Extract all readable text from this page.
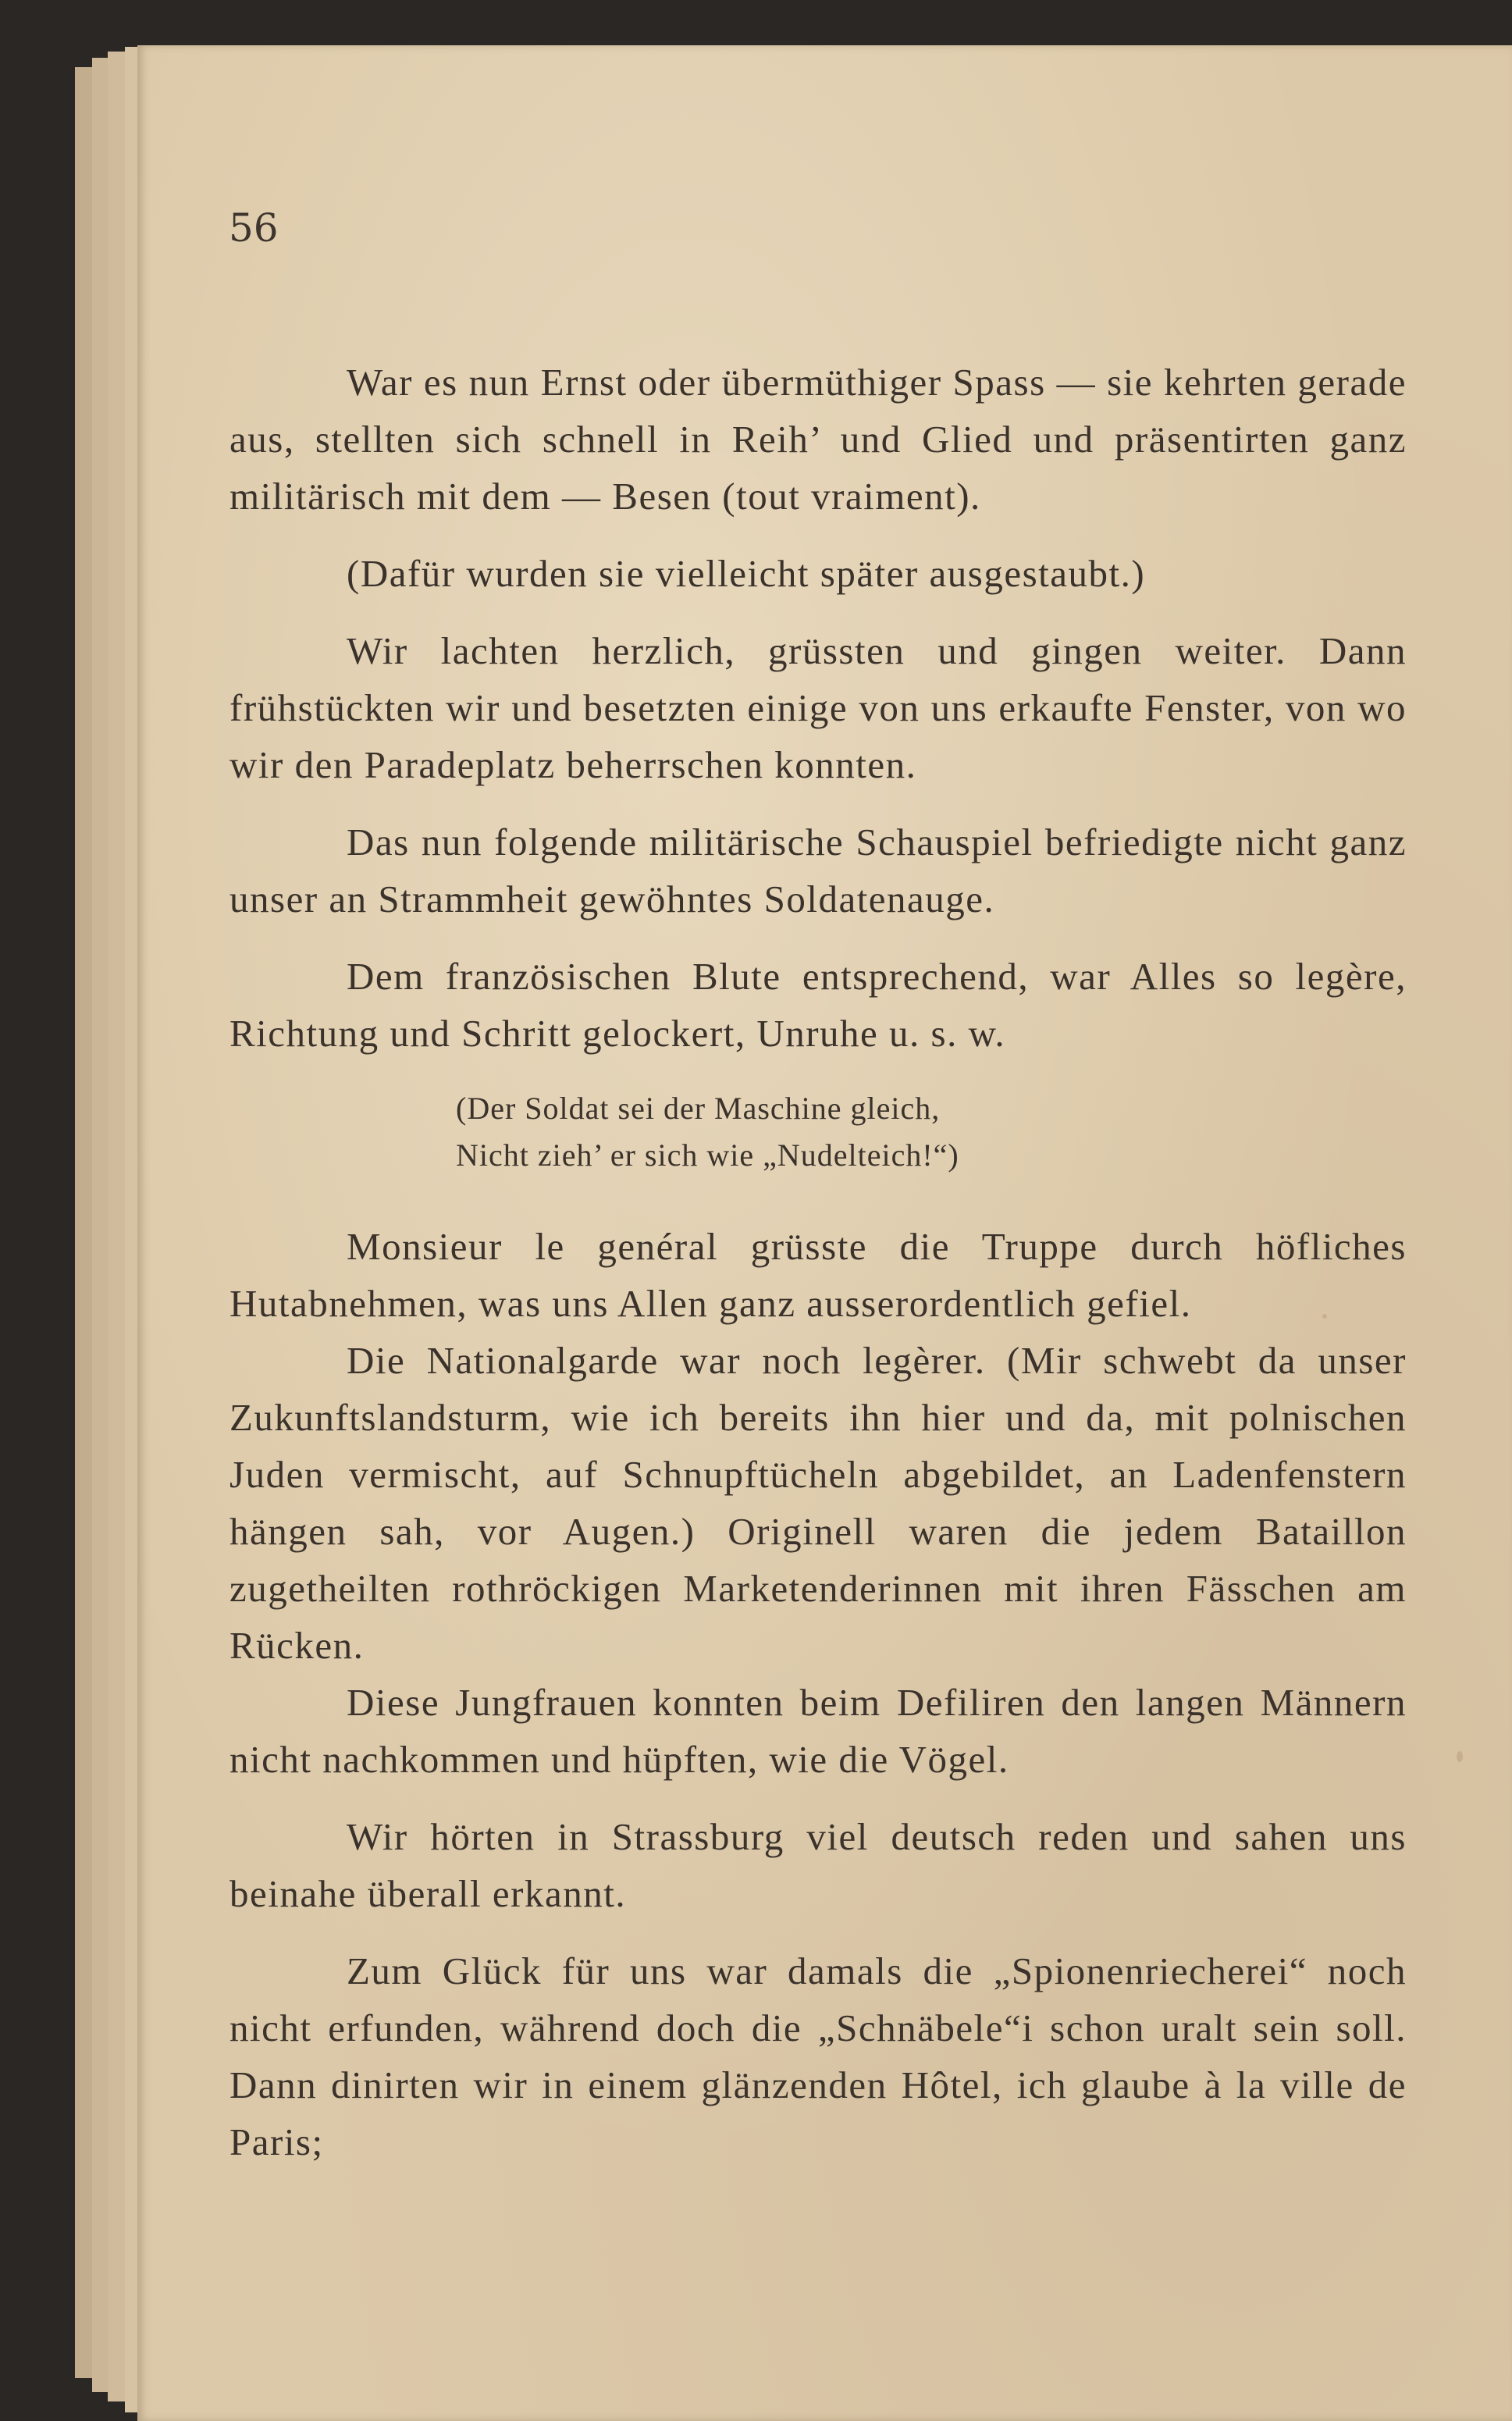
56

War es nun Ernst oder übermüthiger Spass — sie kehrten gerade aus, stellten sich schnell in Reih’ und Glied und präsentirten ganz militärisch mit dem — Besen (tout vraiment).

(Dafür wurden sie vielleicht später ausgestaubt.)

Wir lachten herzlich, grüssten und gingen weiter. Dann frühstückten wir und besetzten einige von uns erkaufte Fenster, von wo wir den Paradeplatz beherrschen konnten.

Das nun folgende militärische Schauspiel befriedigte nicht ganz unser an Strammheit gewöhntes Soldatenauge.

Dem französischen Blute entsprechend, war Alles so legère, Richtung und Schritt gelockert, Unruhe u. s. w.

(Der Soldat sei der Maschine gleich,
Nicht zieh’ er sich wie „Nudelteich!“)

Monsieur le genéral grüsste die Truppe durch höfliches Hutabnehmen, was uns Allen ganz ausserordentlich gefiel.

Die Nationalgarde war noch legèrer. (Mir schwebt da unser Zukunftslandsturm, wie ich bereits ihn hier und da, mit polnischen Juden vermischt, auf Schnupftücheln abgebildet, an Ladenfenstern hängen sah, vor Augen.) Originell waren die jedem Bataillon zugetheilten rothröckigen Marketenderinnen mit ihren Fässchen am Rücken.

Diese Jungfrauen konnten beim Defiliren den langen Männern nicht nachkommen und hüpften, wie die Vögel.

Wir hörten in Strassburg viel deutsch reden und sahen uns beinahe überall erkannt.

Zum Glück für uns war damals die „Spionenriecherei“ noch nicht erfunden, während doch die „Schnäbele“i schon uralt sein soll. Dann dinirten wir in einem glänzenden Hôtel, ich glaube à la ville de Paris;
